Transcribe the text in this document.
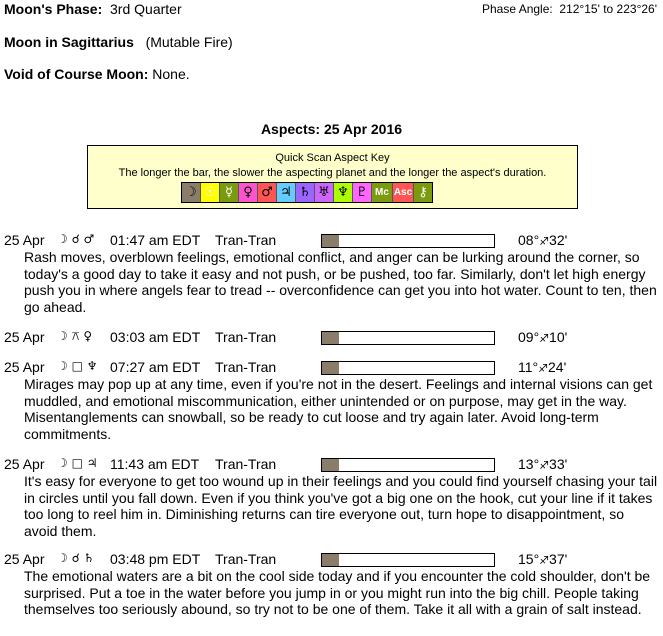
Moon's Phase: 3rd Quarter	Phase Angle: 212°15' to 223°26'
Moon in Sagittarius (Mutable Fire)
Void of Course Moon: None.
Aspects: 25 Apr 2016
Quick Scan Aspect Key
The longer the bar, the slower the aspecting planet and the longer the aspect's duration.
☽ ☉ ☿ ♀ ♂ ♃ ♄ ♅ ♆ ♇ Mc Asc ⚷
25 Apr ☽ ☌ ♂ 01:47 am EDT Tran-Tran	08°♐32'
Rash moves, overblown feelings, emotional conflict, and anger can be lurking around the corner, so today's a good day to take it easy and not push, or be pushed, too far. Similarly, don't let high energy push you in where angels fear to tread -- overconfidence can get you into hot water. Count to ten, then go ahead.
25 Apr ☽ ⚻ ♀ 03:03 am EDT Tran-Tran	09°♐10'
25 Apr ☽ □ ♆ 07:27 am EDT Tran-Tran	11°♐24'
Mirages may pop up at any time, even if you're not in the desert. Feelings and internal visions can get muddled, and emotional miscommunication, either unintended or on purpose, may get in the way. Misentanglements can snowball, so be ready to cut loose and try again later. Avoid long-term commitments.
25 Apr ☽ □ ♃ 11:43 am EDT Tran-Tran	13°♐33'
It's easy for everyone to get too wound up in their feelings and you could find yourself chasing your tail in circles until you fall down. Even if you think you've got a big one on the hook, cut your line if it takes too long to reel him in. Diminishing returns can tire everyone out, turn hope to disappointment, so avoid them.
25 Apr ☽ ☌ ♄ 03:48 pm EDT Tran-Tran	15°♐37'
The emotional waters are a bit on the cool side today and if you encounter the cold shoulder, don't be surprised. Put a toe in the water before you jump in or you might run into the big chill. People taking themselves too seriously abound, so try not to be one of them. Take it all with a grain of salt instead.
